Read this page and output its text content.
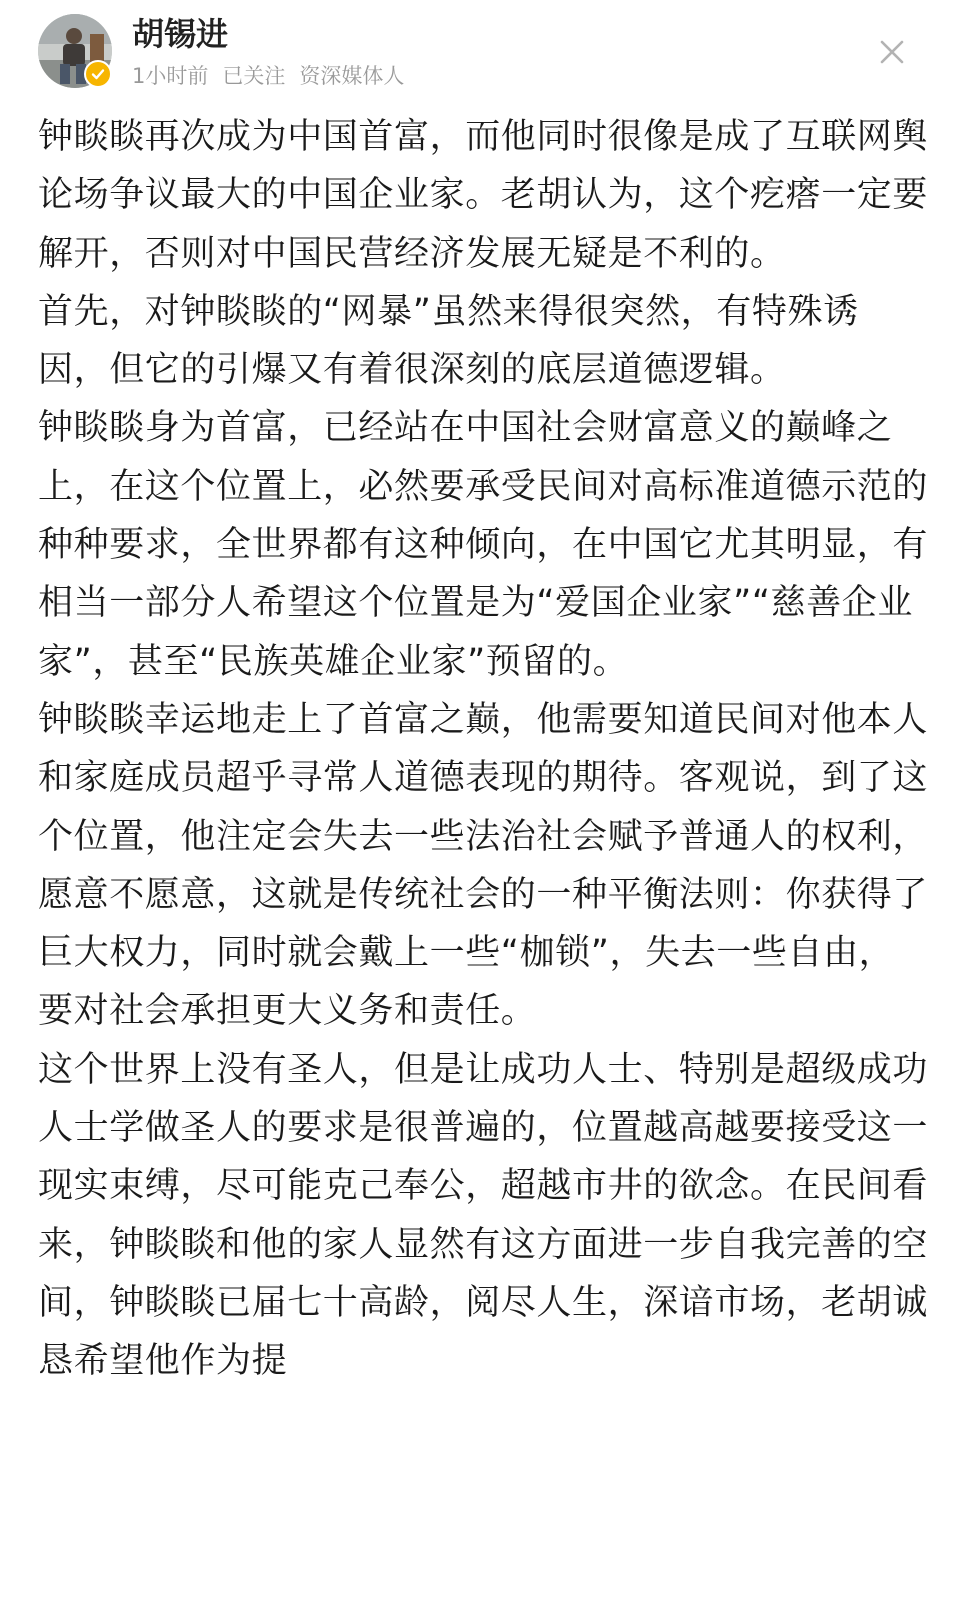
胡锡进
1小时前 已关注 资深媒体人

钟睒睒再次成为中国首富，而他同时很像是成了互联网舆论场争议最大的中国企业家。老胡认为，这个疙瘩一定要解开，否则对中国民营经济发展无疑是不利的。

首先，对钟睒睒的“网暴”虽然来得很突然，有特殊诱因，但它的引爆又有着很深刻的底层道德逻辑。

钟睒睒身为首富，已经站在中国社会财富意义的巅峰之上，在这个位置上，必然要承受民间对高标准道德示范的种种要求，全世界都有这种倾向，在中国它尤其明显，有相当一部分人希望这个位置是为“爱国企业家”“慈善企业家”，甚至“民族英雄企业家”预留的。

钟睒睒幸运地走上了首富之巅，他需要知道民间对他本人和家庭成员超乎寻常人道德表现的期待。客观说，到了这个位置，他注定会失去一些法治社会赋予普通人的权利，愿意不愿意，这就是传统社会的一种平衡法则：你获得了巨大权力，同时就会戴上一些“枷锁”，失去一些自由，要对社会承担更大义务和责任。

这个世界上没有圣人，但是让成功人士、特别是超级成功人士学做圣人的要求是很普遍的，位置越高越要接受这一现实束缚，尽可能克己奉公，超越市井的欲念。在民间看来，钟睒睒和他的家人显然有这方面进一步自我完善的空间，钟睒睒已届七十高龄，阅尽人生，深谙市场，老胡诚恳希望他作为提
